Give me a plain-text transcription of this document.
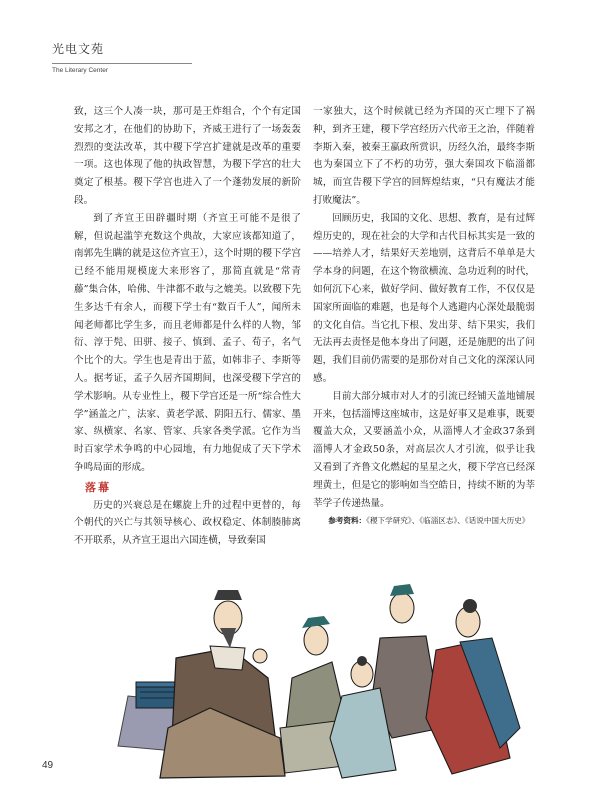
光电文苑
The Literary Center

致，这三个人凑一块，那可是王炸组合，个个有定国安邦之才，在他们的协助下，齐威王进行了一场轰轰烈烈的变法改革，其中稷下学宫扩建就是改革的重要一项。这也体现了他的执政智慧，为稷下学宫的壮大奠定了根基。稷下学宫也进入了一个蓬勃发展的新阶段。

到了齐宣王田辟疆时期（齐宣王可能不是很了解，但说起滥竽充数这个典故，大家应该都知道了，南郭先生瞒的就是这位齐宣王），这个时期的稷下学宫已经不能用规模庞大来形容了，那简直就是“常青藤”集合体，哈佛、牛津都不敢与之媲美。以致稷下先生多达千有余人，而稷下学士有“数百千人”，闻所未闻老师都比学生多，而且老师都是什么样的人物，邹衍、淳于髡、田骈、接子、慎到、孟子、荀子，名气个比个的大。学生也是青出于蓝，如韩非子、李斯等人。据考证，孟子久居齐国期间，也深受稷下学宫的学术影响。从专业性上，稷下学宫还是一所“综合性大学”涵盖之广，法家、黄老学派、阴阳五行、儒家、墨家、纵横家、名家、管家、兵家各类学派。它作为当时百家学术争鸣的中心园地，有力地促成了天下学术争鸣局面的形成。

落幕

历史的兴衰总是在螺旋上升的过程中更替的，每个朝代的兴亡与其领导核心、政权稳定、体制腠肺离不开联系，从齐宣王退出六国连横，导致秦国

一家独大，这个时候就已经为齐国的灭亡埋下了祸种，到齐王建，稷下学宫经历六代帝王之治，伴随着李斯入秦，被秦王嬴政所赏识，历经久治，最终李斯也为秦国立下了不朽的功劳，强大秦国攻下临淄都城，而宣告稷下学宫的回辉煌结束，“只有魔法才能打败魔法”。

回顾历史，我国的文化、思想、教育，是有过辉煌历史的，现在社会的大学和古代目标其实是一致的——培养人才，结果好天差地别，这背后不单单是大学本身的问题，在这个物欲横流、急功近利的时代，如何沉下心来，做好学问、做好教育工作，不仅仅是国家所面临的难题，也是每个人逃避内心深处最脆弱的文化自信。当它扎下根、发出芽、结下果实，我们无法再去责怪是他本身出了问题，还是施肥的出了问题，我们目前仍需要的是那份对自己文化的深深认同感。

目前大部分城市对人才的引流已经铺天盖地铺展开来，包括淄博这座城市，这是好事又是难事，既要覆盖大众，又要涵盖小众，从淄博人才金政37条到淄博人才金政50条，对高层次人才引流，似乎让我又看到了齐鲁文化燃起的星星之火，稷下学宫已经深埋黄土，但是它的影响如当空皓日，持续不断的为莘莘学子传递热量。

参考资料：《稷下学研究》、《临淄区志》、《话说中国大历史》

49
